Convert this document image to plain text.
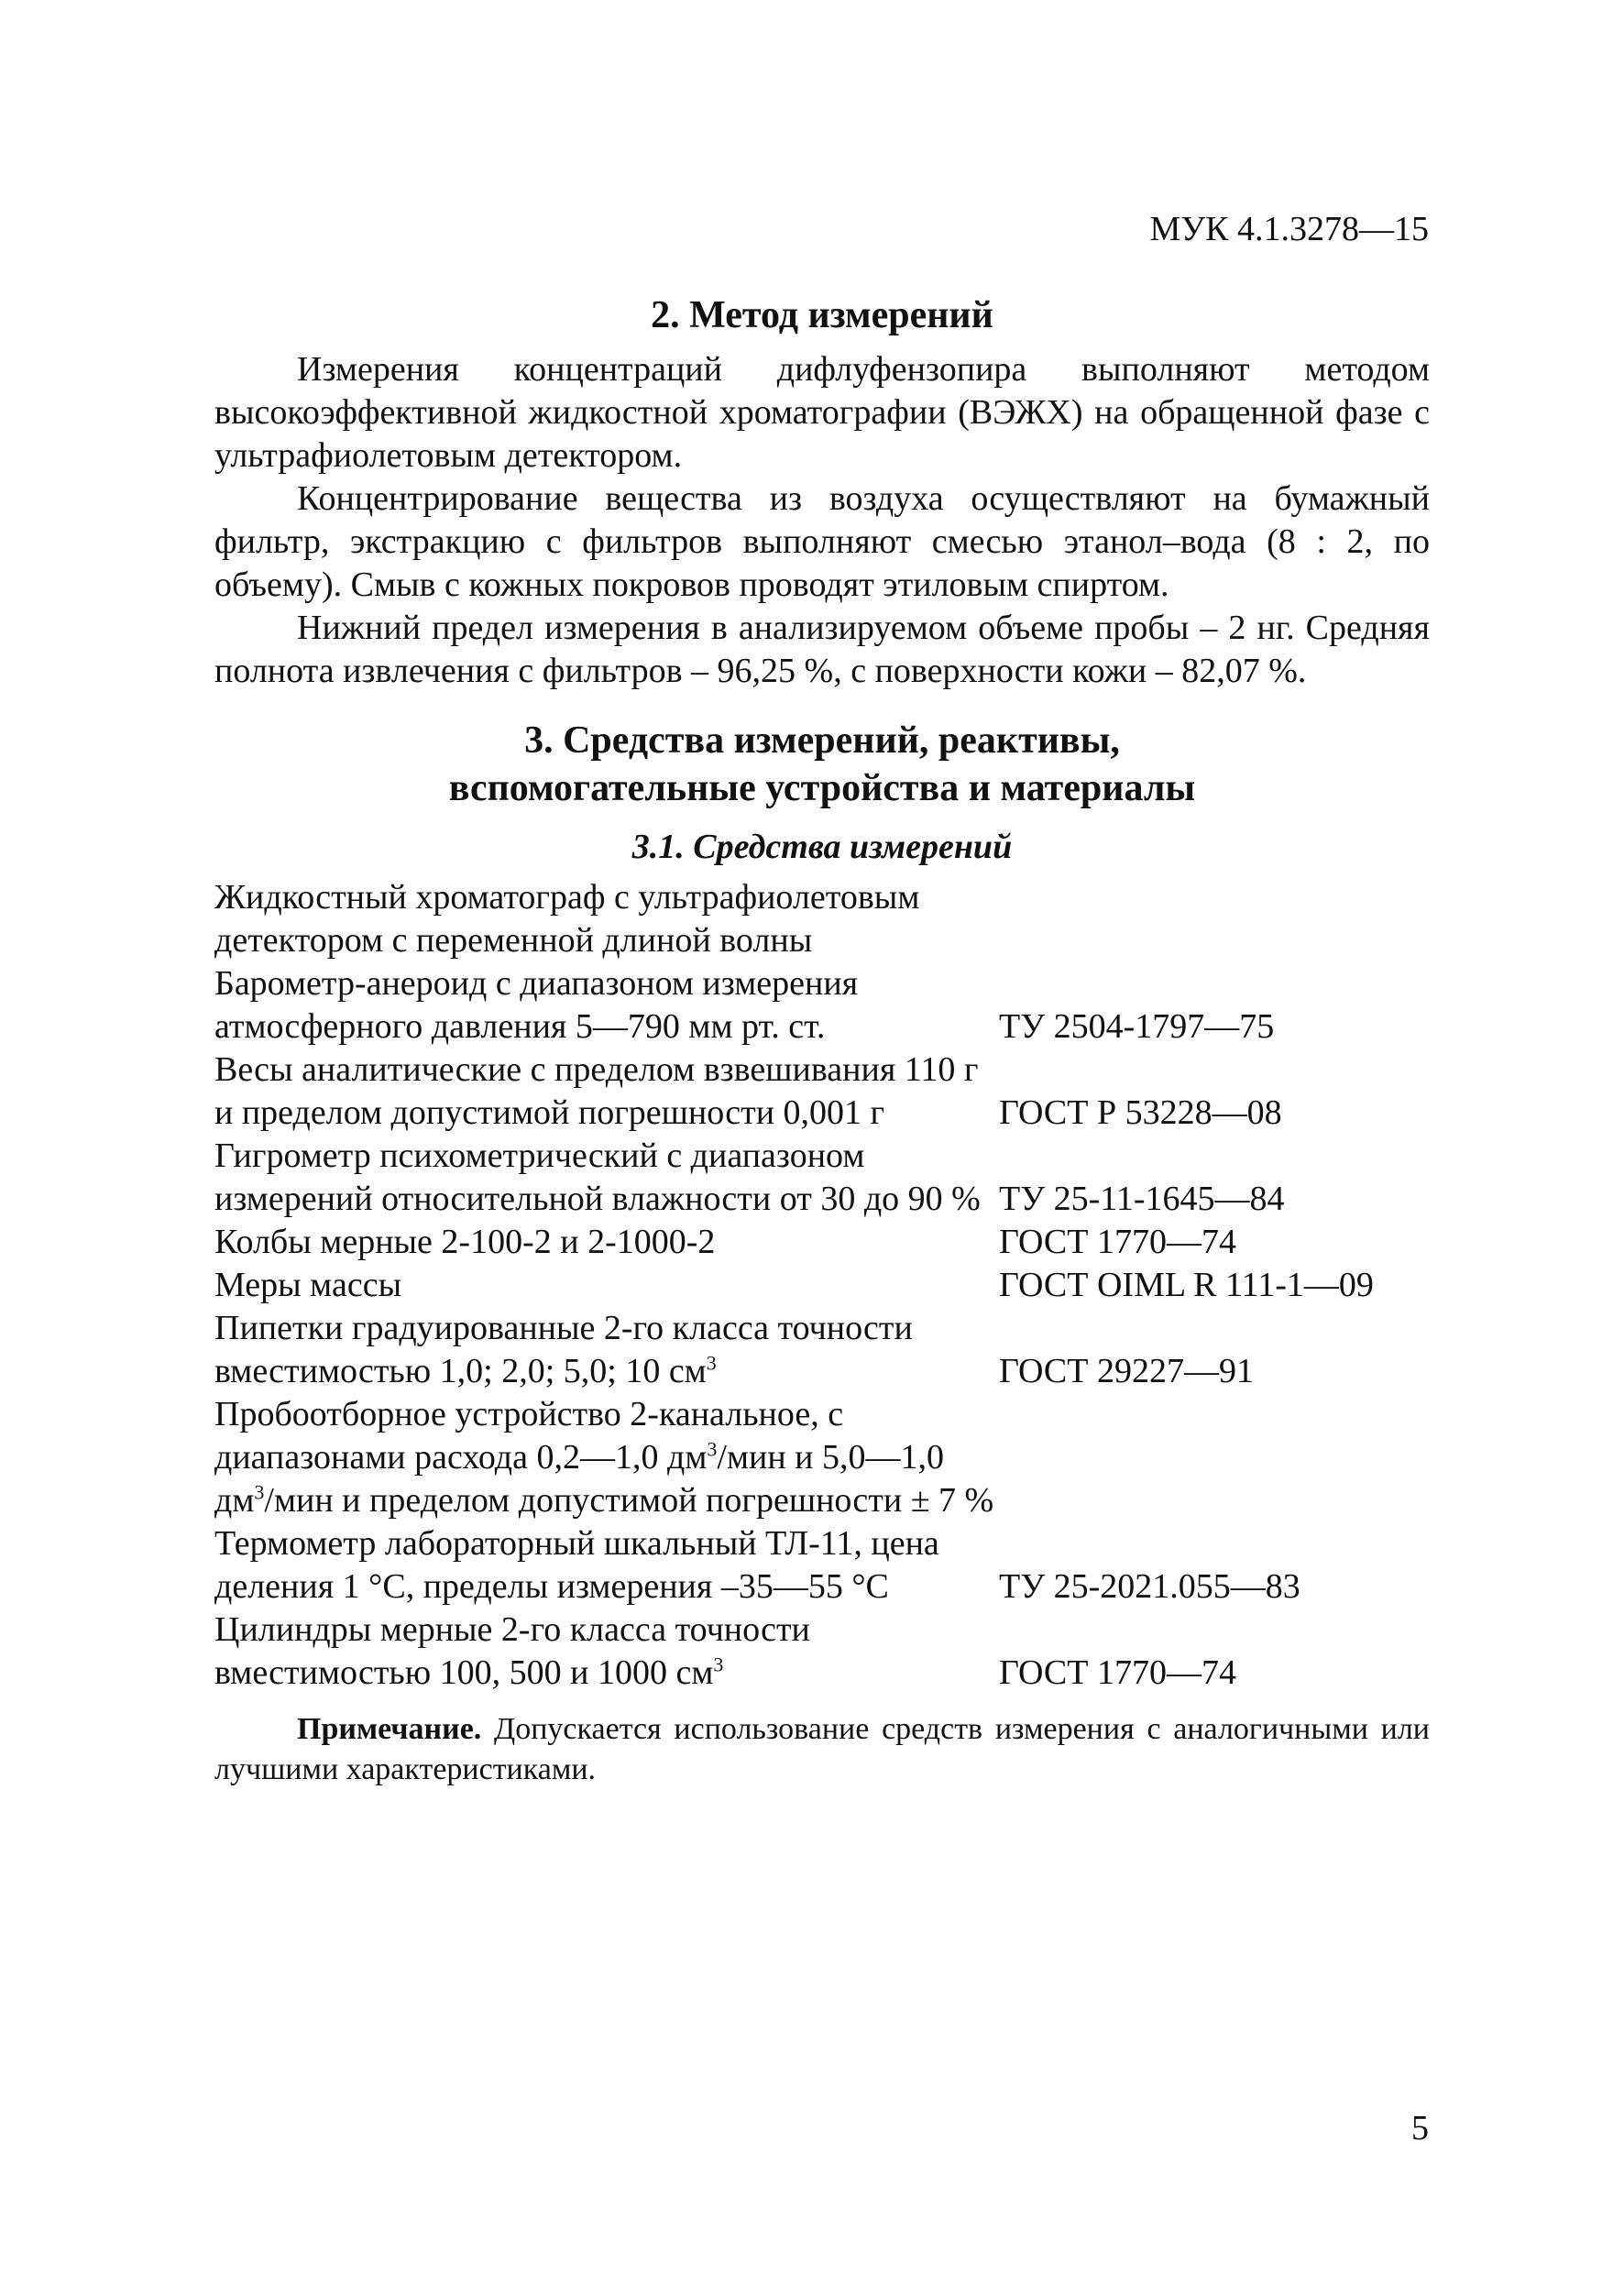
МУК 4.1.3278—15
2. Метод измерений

Измерения концентраций дифлуфензопира выполняют методом высокоэффективной жидкостной хроматографии (ВЭЖХ) на обращенной фазе с ультрафиолетовым детектором.

Концентрирование вещества из воздуха осуществляют на бумажный фильтр, экстракцию с фильтров выполняют смесью этанол–вода (8 : 2, по объему). Смыв с кожных покровов проводят этиловым спиртом.

Нижний предел измерения в анализируемом объеме пробы – 2 нг. Средняя полнота извлечения с фильтров – 96,25 %, с поверхности кожи – 82,07 %.

3. Средства измерений, реактивы,
вспомогательные устройства и материалы
3.1. Средства измерений
Жидкостный хроматограф с ультрафиолетовым детектором с переменной длиной волны
Барометр-анероид с диапазоном измерения атмосферного давления 5—790 мм рт. ст.	ТУ 2504-1797—75
Весы аналитические с пределом взвешивания 110 г и пределом допустимой погрешности 0,001 г	ГОСТ Р 53228—08
Гигрометр психометрический с диапазоном измерений относительной влажности от 30 до 90 % ТУ 25-11-1645—84
Колбы мерные 2-100-2 и 2-1000-2	ГОСТ 1770—74
Меры массы	ГОСТ OIML R 111-1—09
Пипетки градуированные 2-го класса точности вместимостью 1,0; 2,0; 5,0; 10 $см^3$	ГОСТ 29227—91
Пробоотборное устройство 2-канальное, с диапазонами расхода 0,2—1,0 $дм^3$/мин и 5,0—1,0 $дм^3$/мин и пределом допустимой погрешности ± 7 %
Термометр лабораторный шкальный ТЛ-11, цена деления 1 °С, пределы измерения –35—55 °С	ТУ 25-2021.055—83
Цилиндры мерные 2-го класса точности вместимостью 100, 500 и 1000 $см^3$	ГОСТ 1770—74

Примечание. Допускается использование средств измерения с аналогичными или лучшими характеристиками.

5
